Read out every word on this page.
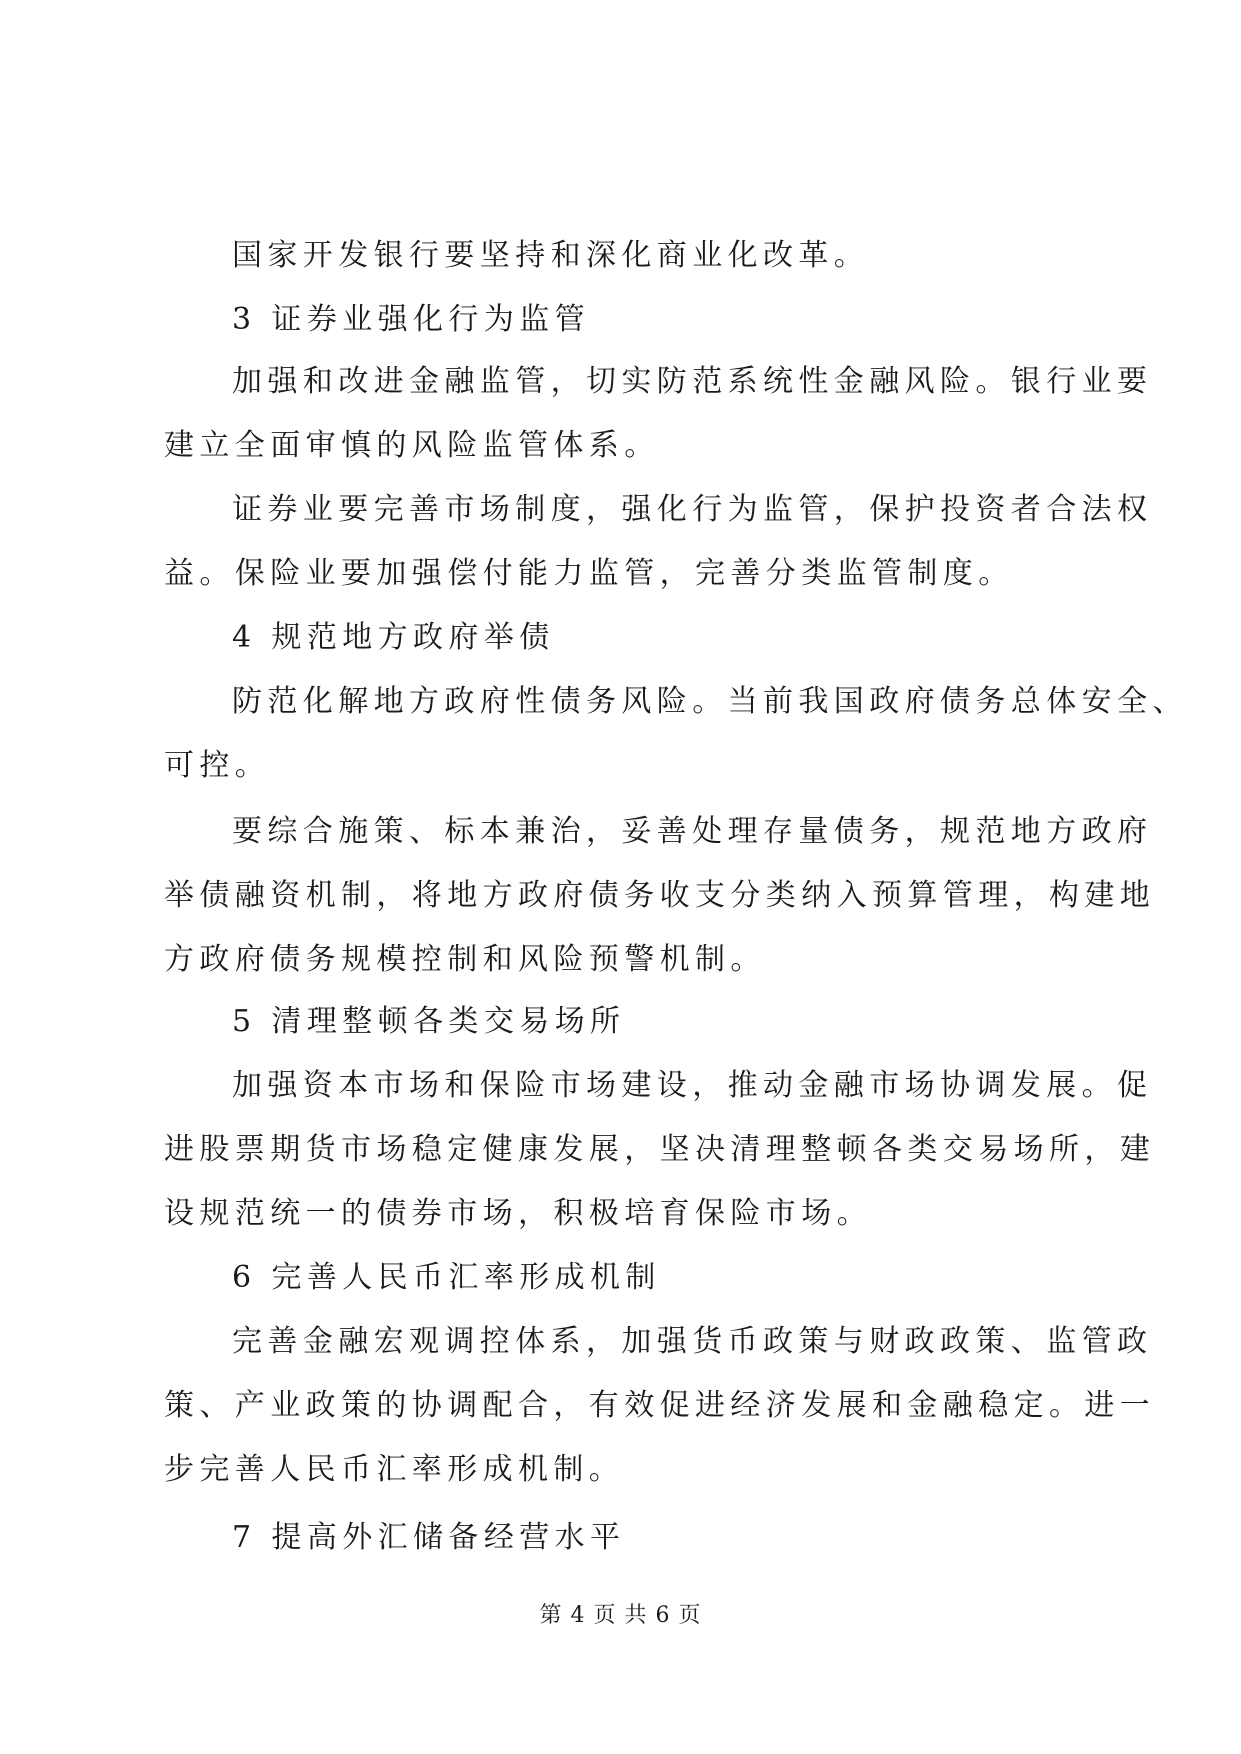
国家开发银行要坚持和深化商业化改革。
3 证券业强化行为监管
加强和改进金融监管，切实防范系统性金融风险。银行业要
建立全面审慎的风险监管体系。
证券业要完善市场制度，强化行为监管，保护投资者合法权
益。保险业要加强偿付能力监管，完善分类监管制度。
4 规范地方政府举债
防范化解地方政府性债务风险。当前我国政府债务总体安全、
可控。
要综合施策、标本兼治，妥善处理存量债务，规范地方政府
举债融资机制，将地方政府债务收支分类纳入预算管理，构建地
方政府债务规模控制和风险预警机制。
5 清理整顿各类交易场所
加强资本市场和保险市场建设，推动金融市场协调发展。促
进股票期货市场稳定健康发展，坚决清理整顿各类交易场所，建
设规范统一的债券市场，积极培育保险市场。
6 完善人民币汇率形成机制
完善金融宏观调控体系，加强货币政策与财政政策、监管政
策、产业政策的协调配合，有效促进经济发展和金融稳定。进一
步完善人民币汇率形成机制。
7 提高外汇储备经营水平
第 4 页 共 6 页
